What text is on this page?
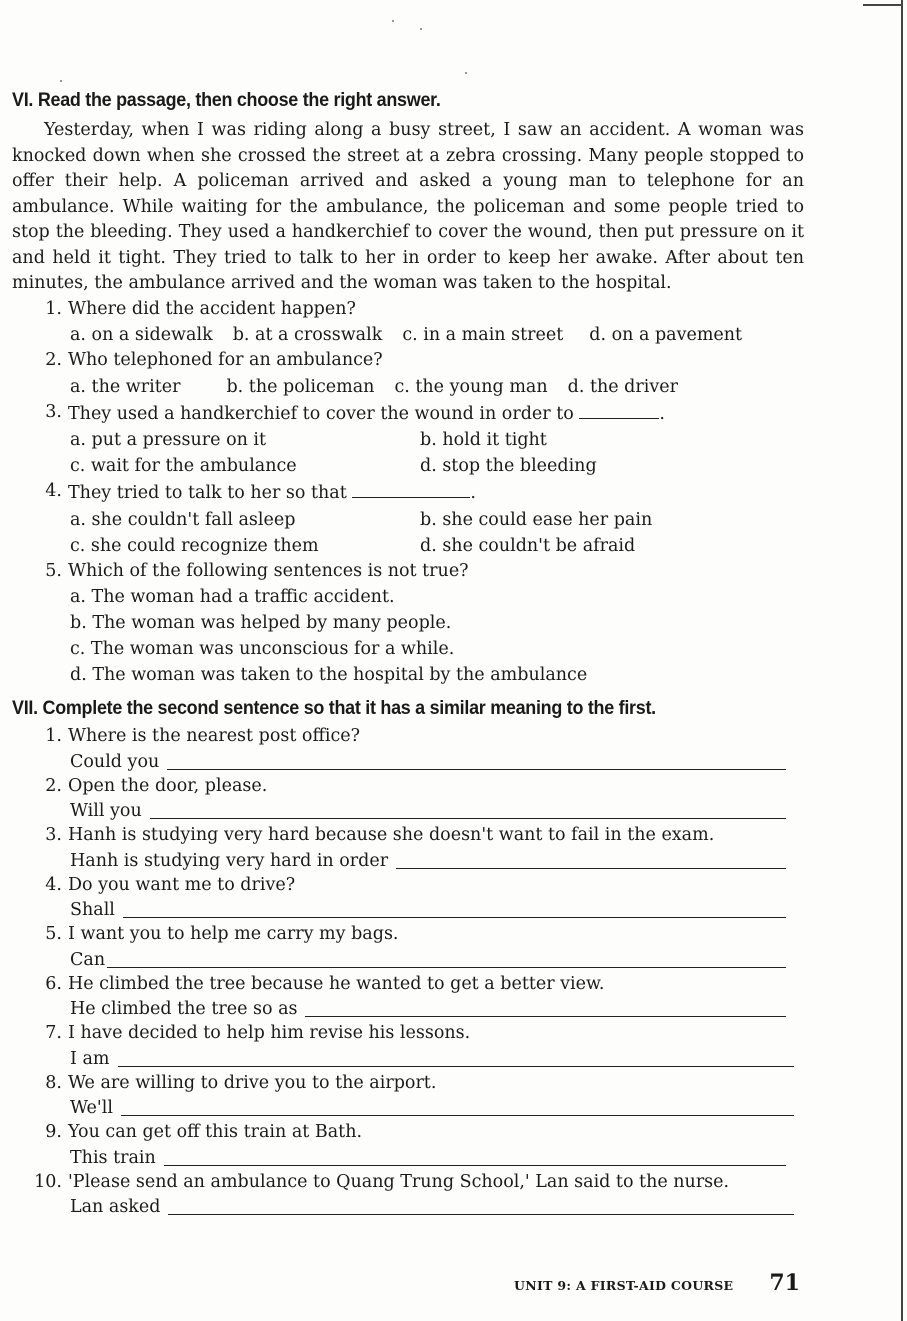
VI. Read the passage, then choose the right answer.

Yesterday, when I was riding along a busy street, I saw an accident. A woman was knocked down when she crossed the street at a zebra crossing. Many people stopped to offer their help. A policeman arrived and asked a young man to telephone for an ambulance. While waiting for the ambulance, the policeman and some people tried to stop the bleeding. They used a handkerchief to cover the wound, then put pressure on it and held it tight. They tried to talk to her in order to keep her awake. After about ten minutes, the ambulance arrived and the woman was taken to the hospital.

1. Where did the accident happen?
a. on a sidewalk b. at a crosswalk c. in a main street d. on a pavement
2. Who telephoned for an ambulance?
a. the writer	b. the policeman c. the young man d. the driver
3. They used a handkerchief to cover the wound in order to	.
a. put a pressure on it	b. hold it tight
c. wait for the ambulance	d. stop the bleeding
4. They tried to talk to her so that	.
a. she couldn't fall asleep	b. she could ease her pain
c. she could recognize them	d. she couldn't be afraid
5. Which of the following sentences is not true?
a. The woman had a traffic accident.
b. The woman was helped by many people.
c. The woman was unconscious for a while.
d. The woman was taken to the hospital by the ambulance
VII. Complete the second sentence so that it has a similar meaning to the first.
1. Where is the nearest post office?
Could you
2. Open the door, please.
Will you
3. Hanh is studying very hard because she doesn't want to fail in the exam.
Hanh is studying very hard in order
4. Do you want me to drive?
Shall
5. I want you to help me carry my bags.
Can
6. He climbed the tree because he wanted to get a better view.
He climbed the tree so as
7. I have decided to help him revise his lessons.
I am
8. We are willing to drive you to the airport.
We'll
9. You can get off this train at Bath.
This train
10. 'Please send an ambulance to Quang Trung School,' Lan said to the nurse.
Lan asked
UNIT 9: A FIRST-AID COURSE 71
